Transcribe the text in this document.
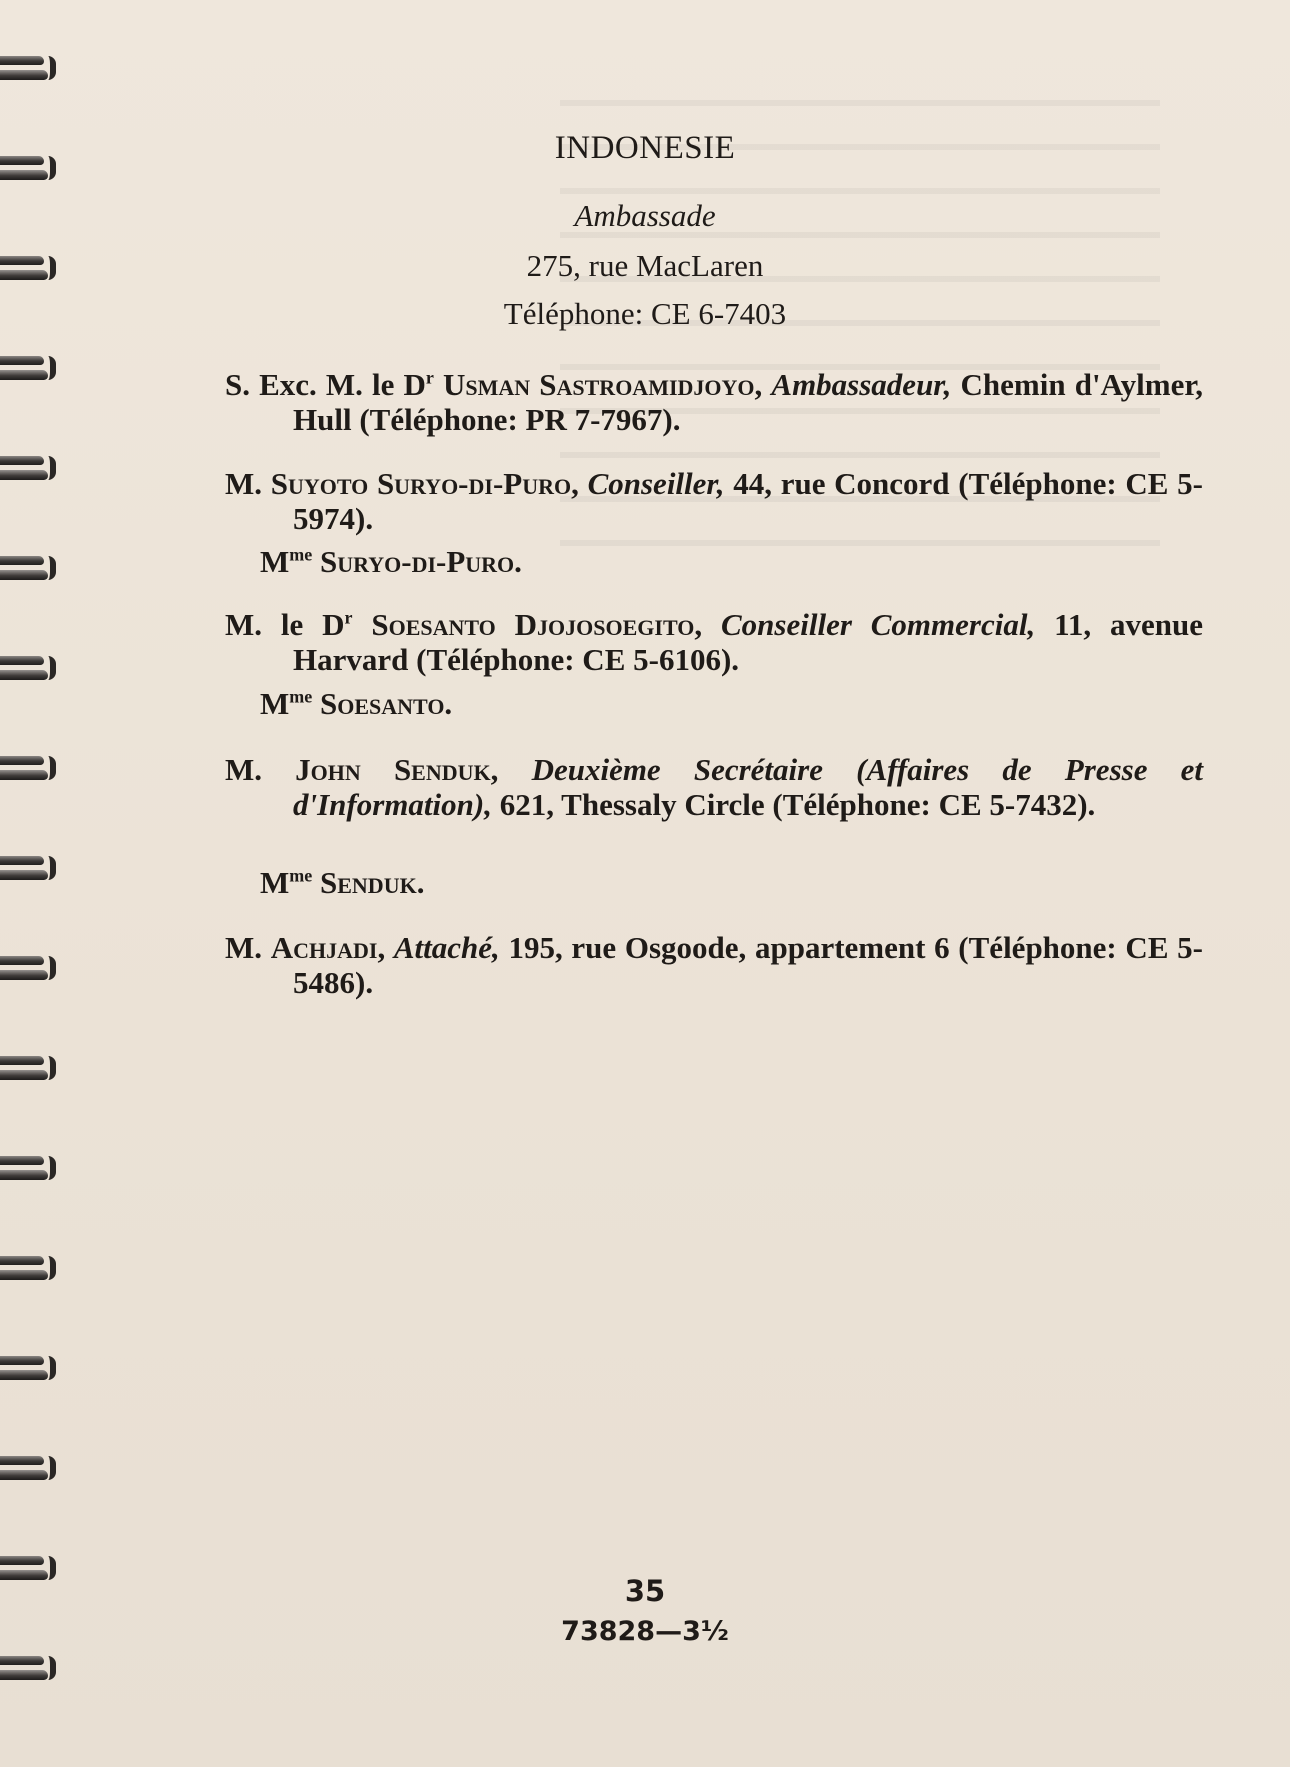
INDONESIE

Ambassade

275, rue MacLaren

Téléphone: CE 6-7403

S. Exc. M. le $D^r$ Usman Sastroamidjoyo, Ambassadeur, Chemin d'Aylmer, Hull (Téléphone: PR 7-7967).
M. Suyoto Suryo-di-Puro, Conseiller, 44, rue Concord (Téléphone: CE 5-5974).
$M^{me}$ Suryo-di-Puro.
M. le $D^r$ Soesanto Djojosoegito, Conseiller Commercial, 11, avenue Harvard (Téléphone: CE 5-6106).
$M^{me}$ Soesanto.
M. John Senduk, Deuxième Secrétaire (Affaires de Presse et d'Information), 621, Thessaly Circle (Téléphone: CE 5-7432).
$M^{me}$ Senduk.
M. Achjadi, Attaché, 195, rue Osgoode, appartement 6 (Téléphone: CE 5-5486).

35

73828—3½
